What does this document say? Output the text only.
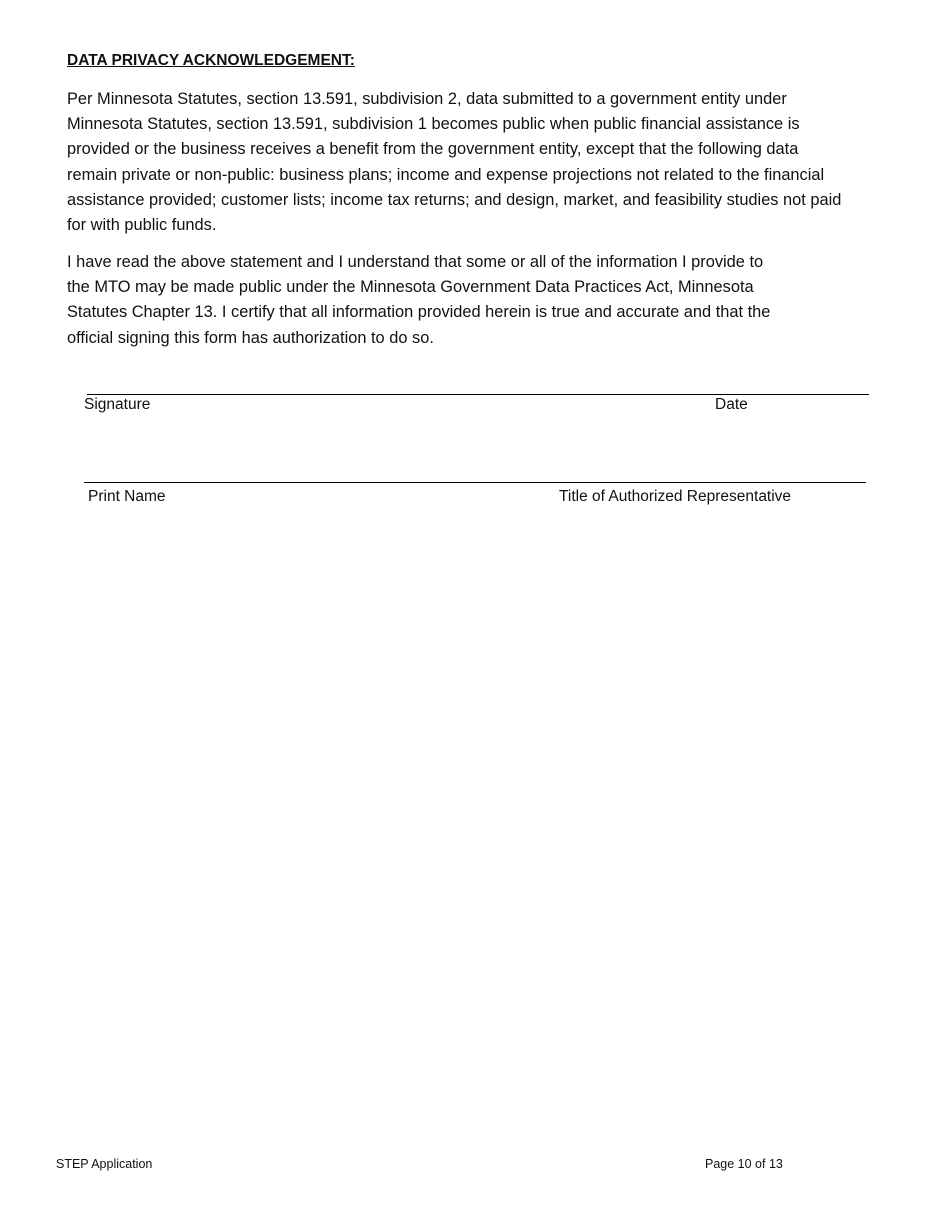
DATA PRIVACY ACKNOWLEDGEMENT:

Per Minnesota Statutes, section 13.591, subdivision 2, data submitted to a government entity under
Minnesota Statutes, section 13.591, subdivision 1 becomes public when public financial assistance is
provided or the business receives a benefit from the government entity, except that the following data
remain private or non-public: business plans; income and expense projections not related to the financial
assistance provided; customer lists; income tax returns; and design, market, and feasibility studies not paid
for with public funds.

I have read the above statement and I understand that some or all of the information I provide to
the MTO may be made public under the Minnesota Government Data Practices Act, Minnesota
Statutes Chapter 13. I certify that all information provided herein is true and accurate and that the
official signing this form has authorization to do so.

Signature	Date
Print Name	Title of Authorized Representative
STEP Application	Page 10 of 13
